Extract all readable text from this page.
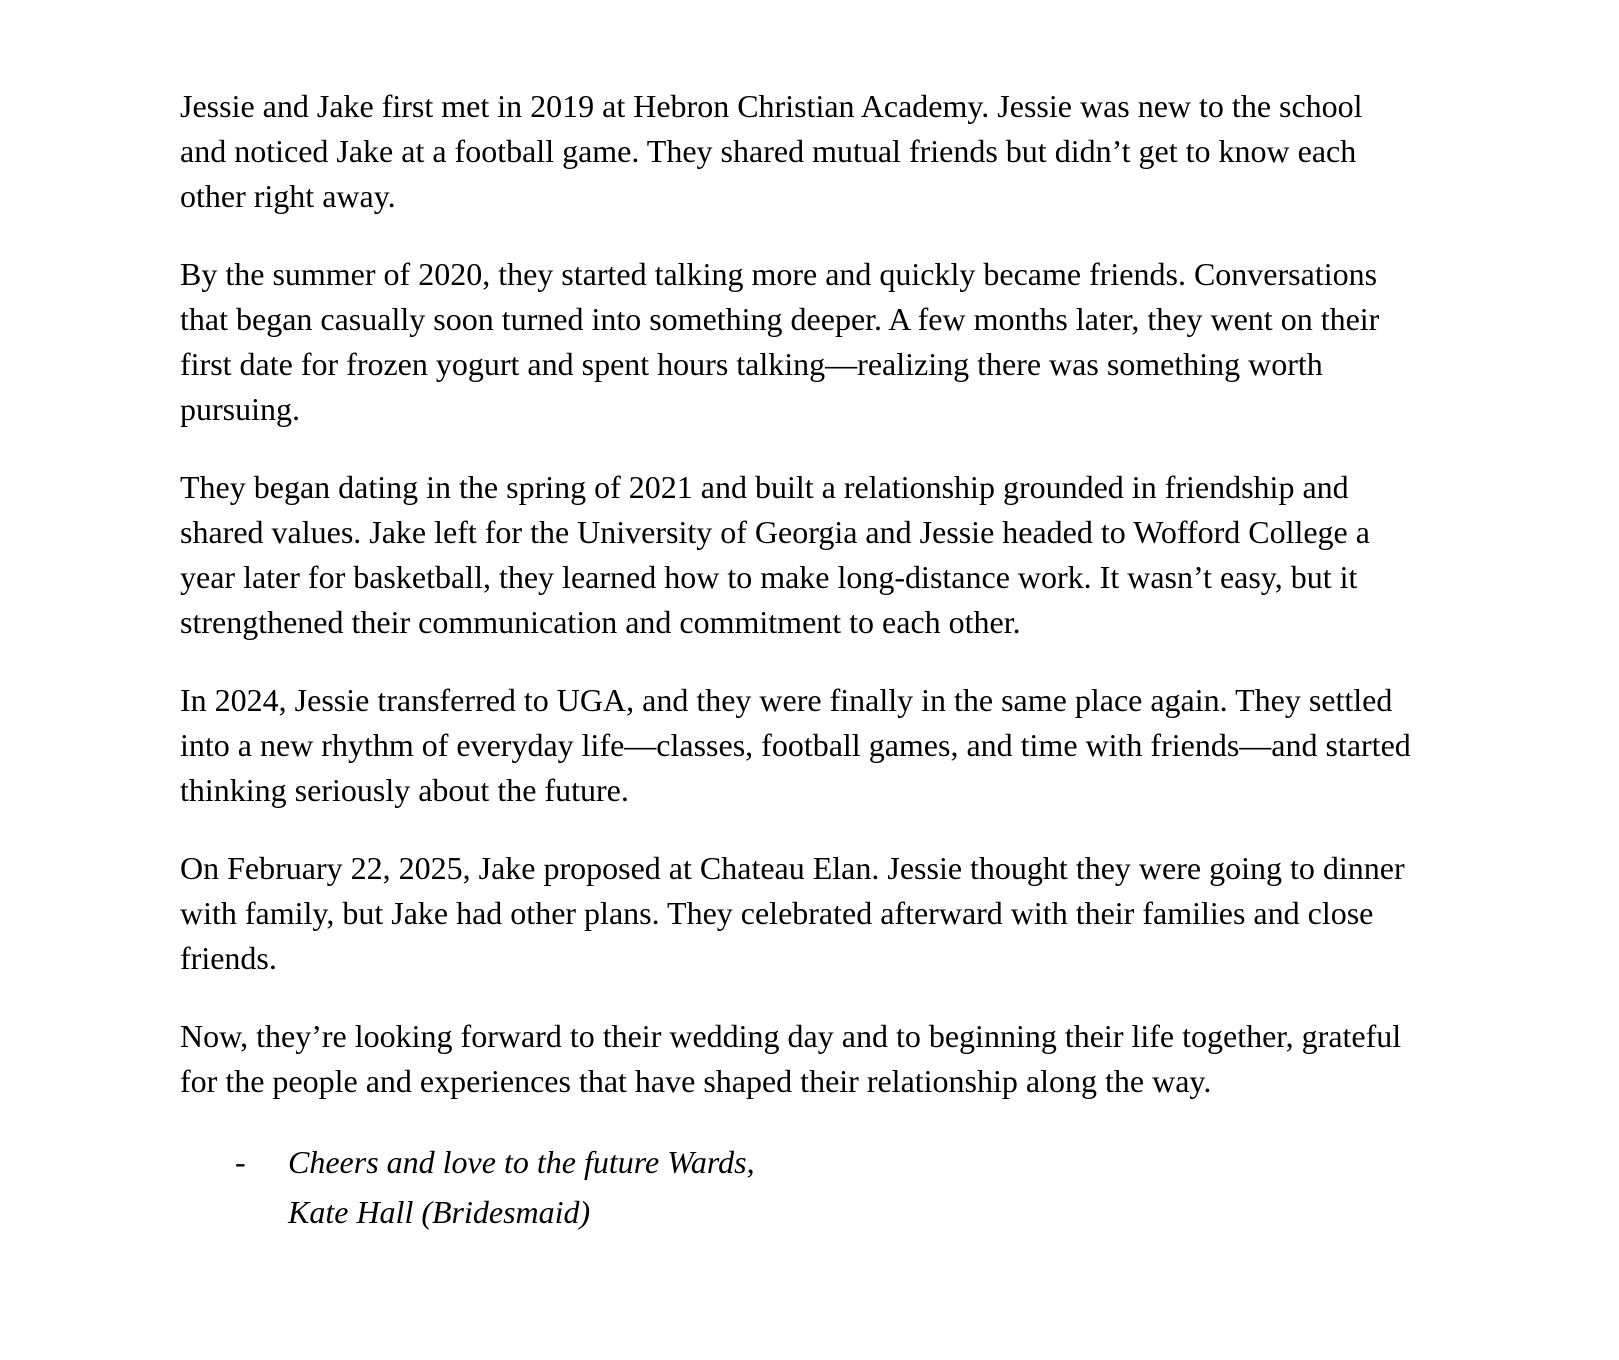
Jessie and Jake first met in 2019 at Hebron Christian Academy. Jessie was new to the school and noticed Jake at a football game. They shared mutual friends but didn’t get to know each other right away.

By the summer of 2020, they started talking more and quickly became friends. Conversations that began casually soon turned into something deeper. A few months later, they went on their first date for frozen yogurt and spent hours talking—realizing there was something worth pursuing.

They began dating in the spring of 2021 and built a relationship grounded in friendship and shared values. Jake left for the University of Georgia and Jessie headed to Wofford College a year later for basketball, they learned how to make long-distance work. It wasn’t easy, but it strengthened their communication and commitment to each other.

In 2024, Jessie transferred to UGA, and they were finally in the same place again. They settled into a new rhythm of everyday life—classes, football games, and time with friends—and started thinking seriously about the future.

On February 22, 2025, Jake proposed at Chateau Elan. Jessie thought they were going to dinner with family, but Jake had other plans. They celebrated afterward with their families and close friends.

Now, they’re looking forward to their wedding day and to beginning their life together, grateful for the people and experiences that have shaped their relationship along the way.

- Cheers and love to the future Wards,
Kate Hall (Bridesmaid)
